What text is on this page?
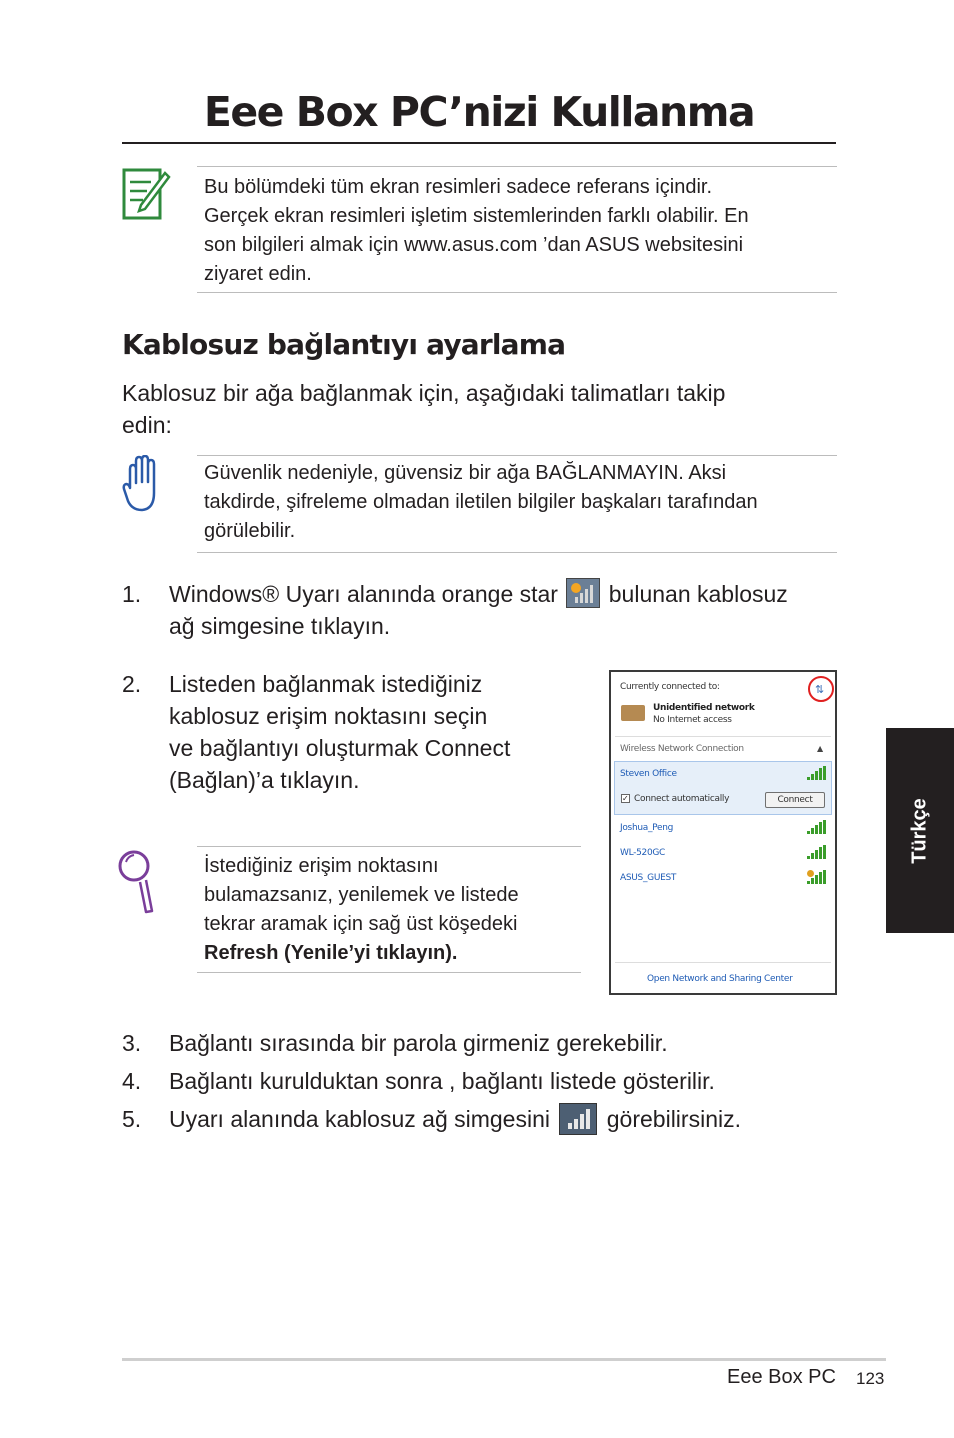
Eee Box PC’nizi Kullanma
Bu bölümdeki tüm ekran resimleri sadece referans içindir.
Gerçek ekran resimleri işletim sistemlerinden farklı olabilir. En
son bilgileri almak için www.asus.com ’dan ASUS websitesini
ziyaret edin.
Kablosuz bağlantıyı ayarlama
Kablosuz bir ağa bağlanmak için, aşağıdaki talimatları takip
edin:
Güvenlik nedeniyle, güvensiz bir ağa BAĞLANMAYIN. Aksi
takdirde, şifreleme olmadan iletilen bilgiler başkaları tarafından
görülebilir.
1. Windows® Uyarı alanında orange star bulunan kablosuz
ağ simgesine tıklayın.
2. Listeden bağlanmak istediğiniz
kablosuz erişim noktasını seçin
ve bağlantıyı oluşturmak Connect
(Bağlan)’a tıklayın.
İstediğiniz erişim noktasını
bulamazsanız, yenilemek ve listede
tekrar aramak için sağ üst köşedeki
Refresh (Yenile’yi tıklayın).
Currently connected to:	⇅
Unidentified network
No Internet access
Wireless Network Connection	▲
Steven Office
✓ Connect automatically	Connect
Joshua_Peng
WL-520GC
ASUS_GUEST
Open Network and Sharing Center
3. Bağlantı sırasında bir parola girmeniz gerekebilir.
4. Bağlantı kurulduktan sonra , bağlantı listede gösterilir.
5. Uyarı alanında kablosuz ağ simgesini görebilirsiniz.
Türkçe
Eee Box PC 123
